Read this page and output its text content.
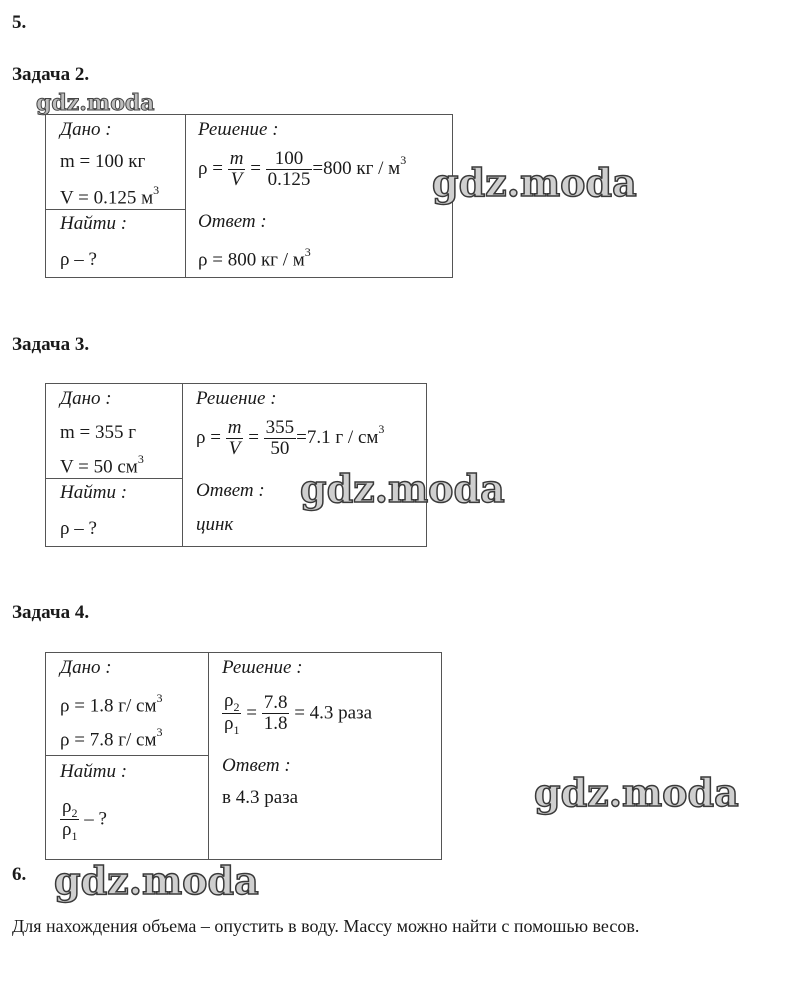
5.
Задача 2.
gdz.moda
Дано :
m = 100 кг
V = 0.125 $м^3$
Найти :
ρ – ?
Решение :
$\rho = \frac{m}{V} = \frac{100}{0.125} =800$ кг / $м^3$
Ответ :
ρ = 800 кг / $м^3$
gdz.moda
Задача 3.
Дано :
m = 355 г
V = 50 $см^3$
Найти :
ρ – ?
Решение :
$\rho = \frac{m}{V} = \frac{355}{50} =7.1$ г / $см^3$
Ответ :
цинк
gdz.moda
Задача 4.
Дано :
ρ = 1.8 г/ $см^3$
ρ = 7.8 г/ $см^3$
Найти :
$\frac{\rho_2}{\rho_1}$ – ?
Решение :
$\frac{\rho_2}{\rho_1} = \frac{7.8}{1.8} = 4.3$ раза
Ответ :
в 4.3 раза	gdz.moda
6. gdz.moda
Для нахождения объема – опустить в воду. Массу можно найти с помошью весов.
